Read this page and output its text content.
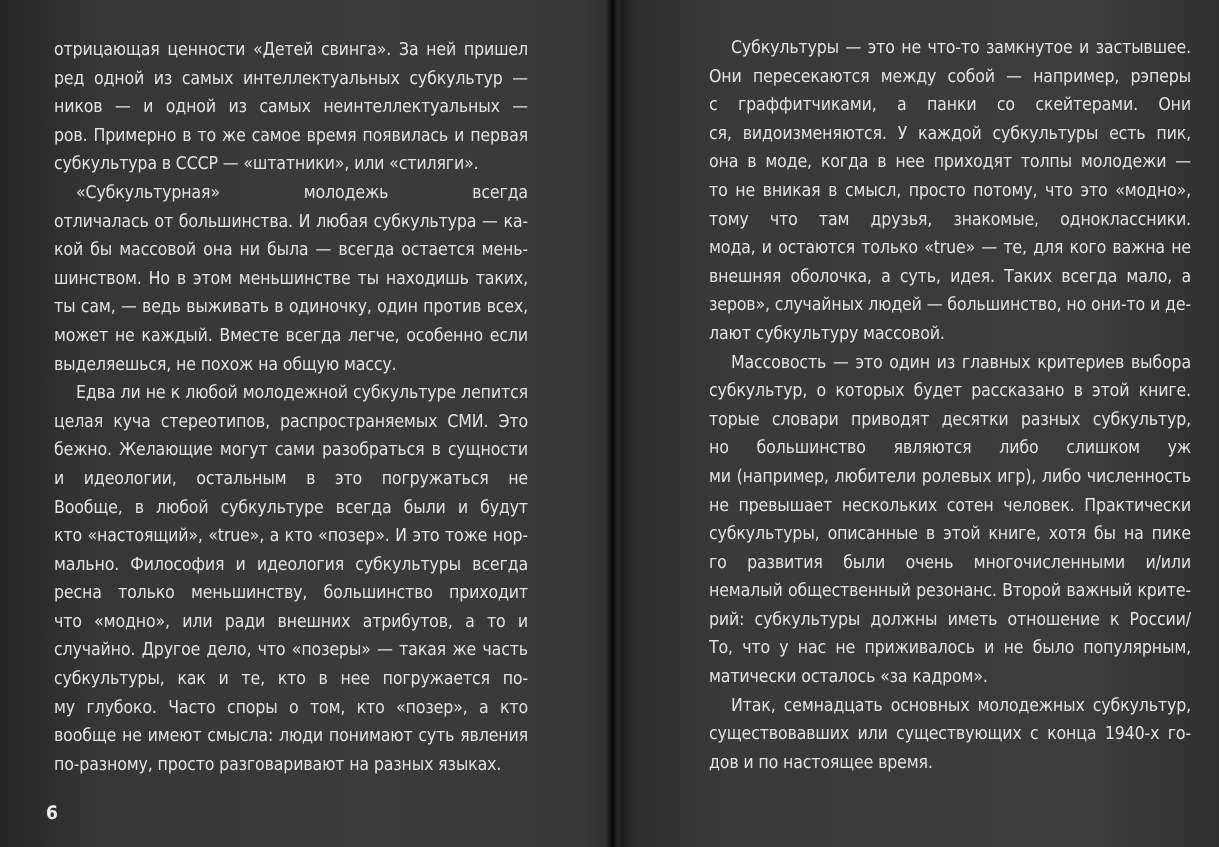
отрицающая ценности «Детей свинга». За ней пришел
ред одной из самых интеллектуальных субкультур —
ников — и одной из самых неинтеллектуальных —
ров. Примерно в то же самое время появилась и первая
субкультура в СССР — «штатники», или «стиляги».
«Субкультурная» молодежь всегда
отличалась от большинства. И любая субкультура — ка-
кой бы массовой она ни была — всегда остается мень-
шинством. Но в этом меньшинстве ты находишь таких,
ты сам, — ведь выживать в одиночку, один против всех,
может не каждый. Вместе всегда легче, особенно если
выделяешься, не похож на общую массу.
Едва ли не к любой молодежной субкультуре лепится
целая куча стереотипов, распространяемых СМИ. Это
бежно. Желающие могут сами разобраться в сущности
и идеологии, остальным в это погружаться не
Вообще, в любой субкультуре всегда были и будут
кто «настоящий», «true», а кто «позер». И это тоже нор-
мально. Философия и идеология субкультуры всегда
ресна только меньшинству, большинство приходит
что «модно», или ради внешних атрибутов, а то и
случайно. Другое дело, что «позеры» — такая же часть
субкультуры, как и те, кто в нее погружается по-
му глубоко. Часто споры о том, кто «позер», а кто
вообще не имеют смысла: люди понимают суть явления
по-разному, просто разговаривают на разных языках.
6
Субкультуры — это не что-то замкнутое и застывшее.
Они пересекаются между собой — например, рэперы
с граффитчиками, а панки со скейтерами. Они
ся, видоизменяются. У каждой субкультуры есть пик,
она в моде, когда в нее приходят толпы молодежи —
то не вникая в смысл, просто потому, что это «модно»,
тому что там друзья, знакомые, одноклассники.
мода, и остаются только «true» — те, для кого важна не
внешняя оболочка, а суть, идея. Таких всегда мало, а
зеров», случайных людей — большинство, но они-то и де-
лают субкультуру массовой.
Массовость — это один из главных критериев выбора
субкультур, о которых будет рассказано в этой книге.
торые словари приводят десятки разных субкультур,
но большинство являются либо слишком уж
ми (например, любители ролевых игр), либо численность
не превышает нескольких сотен человек. Практически
субкультуры, описанные в этой книге, хотя бы на пике
го развития были очень многочисленными и/или
немалый общественный резонанс. Второй важный крите-
рий: субкультуры должны иметь отношение к России/
То, что у нас не приживалось и не было популярным,
матически осталось «за кадром».
Итак, семнадцать основных молодежных субкультур,
существовавших или существующих с конца 1940-х го-
дов и по настоящее время.
